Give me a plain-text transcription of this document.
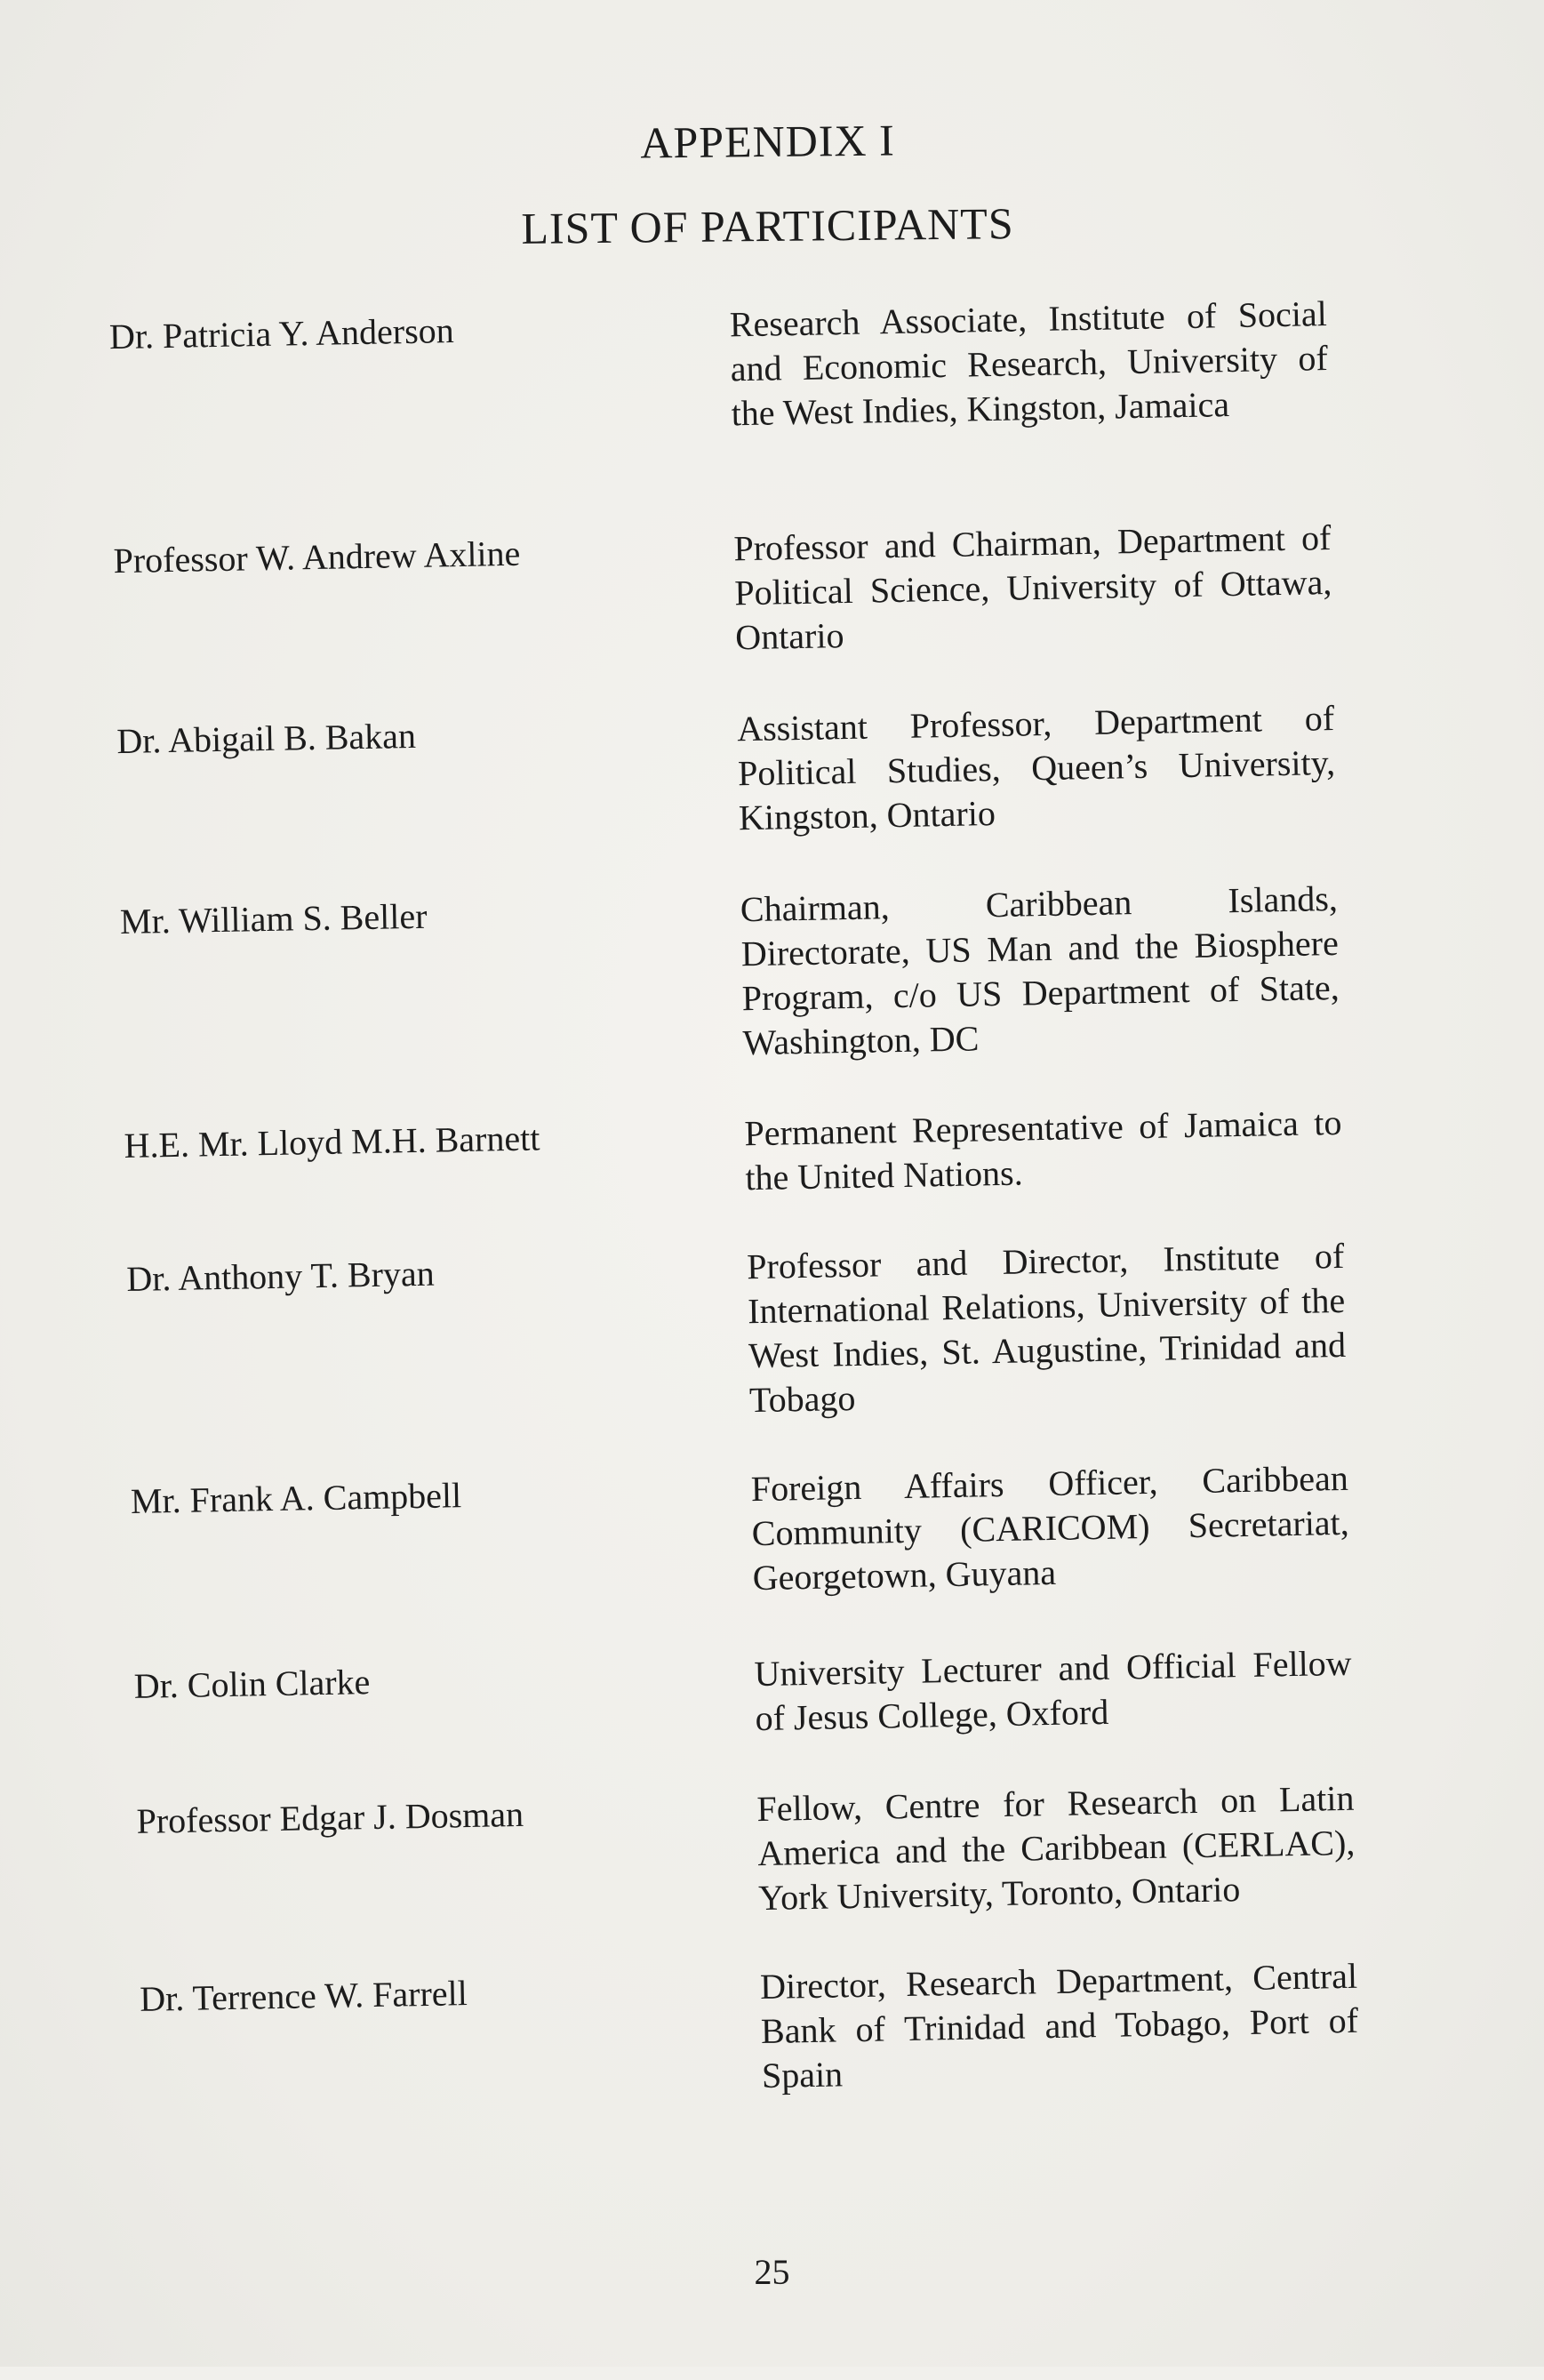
APPENDIX I
LIST OF PARTICIPANTS
Dr. Patricia Y. Anderson	Research Associate, Institute of Social and Economic Research, University of the West Indies, Kingston, Jamaica
Professor W. Andrew Axline	Professor and Chairman, Department of Political Science, University of Ottawa, Ontario
Dr. Abigail B. Bakan	Assistant Professor, Department of Political Studies, Queen’s University, Kingston, Ontario
Mr. William S. Beller	Chairman, Caribbean Islands, Directorate, US Man and the Biosphere Program, c/o US Department of State, Washington, DC
H.E. Mr. Lloyd M.H. Barnett	Permanent Representative of Jamaica to the United Nations.
Dr. Anthony T. Bryan	Professor and Director, Institute of International Relations, University of the West Indies, St. Augustine, Trinidad and Tobago
Mr. Frank A. Campbell	Foreign Affairs Officer, Caribbean Community (CARICOM) Secretariat, Georgetown, Guyana
Dr. Colin Clarke	University Lecturer and Official Fellow of Jesus College, Oxford
Professor Edgar J. Dosman	Fellow, Centre for Research on Latin America and the Caribbean (CERLAC), York University, Toronto, Ontario
Dr. Terrence W. Farrell	Director, Research Department, Central Bank of Trinidad and Tobago, Port of Spain
25
